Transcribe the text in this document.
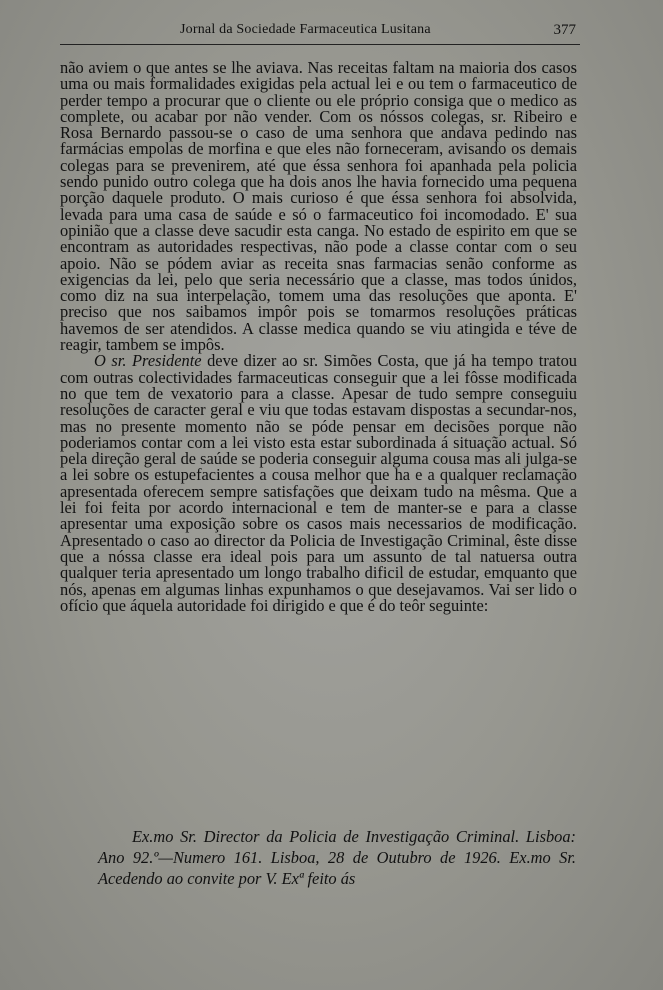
Jornal da Sociedade Farmaceutica Lusitana	377

não aviem o que antes se lhe aviava. Nas receitas faltam na maioria dos casos uma ou mais formalidades exigidas pela actual lei e ou tem o farmaceutico de perder tempo a procurar que o cliente ou ele próprio consiga que o medico as complete, ou acabar por não vender. Com os nóssos colegas, sr. Ribeiro e Rosa Bernardo passou-se o caso de uma senhora que andava pedindo nas farmácias empolas de morfina e que eles não forneceram, avisando os demais colegas para se prevenirem, até que éssa senhora foi apanhada pela policia sendo punido outro colega que ha dois anos lhe havia fornecido uma pequena porção daquele produto. O mais curioso é que éssa senhora foi absolvida, levada para uma casa de saúde e só o farmaceutico foi incomodado. E' sua opinião que a classe deve sacudir esta canga. No estado de espirito em que se encontram as autoridades respectivas, não pode a classe contar com o seu apoio. Não se pódem aviar as receita snas farmacias senão conforme as exigencias da lei, pelo que seria necessário que a classe, mas todos únidos, como diz na sua interpelação, tomem uma das resoluções que aponta. E' preciso que nos saibamos impôr pois se tomarmos resoluções práticas havemos de ser atendidos. A classe medica quando se viu atingida e téve de reagir, tambem se impôs.

O sr. Presidente deve dizer ao sr. Simões Costa, que já ha tempo tratou com outras colectividades farmaceuticas conseguir que a lei fôsse modificada no que tem de vexatorio para a classe. Apesar de tudo sempre conseguiu resoluções de caracter geral e viu que todas estavam dispostas a secundar-nos, mas no presente momento não se póde pensar em decisões porque não poderiamos contar com a lei visto esta estar subordinada á situação actual. Só pela direção geral de saúde se poderia conseguir alguma cousa mas ali julga-se a lei sobre os estupefacientes a cousa melhor que ha e a qualquer reclamação apresentada oferecem sempre satisfações que deixam tudo na mêsma. Que a lei foi feita por acordo internacional e tem de manter-se e para a classe apresentar uma exposição sobre os casos mais necessarios de modificação. Apresentado o caso ao director da Policia de Investigação Criminal, êste disse que a nóssa classe era ideal pois para um assunto de tal natuersa outra qualquer teria apresentado um longo trabalho dificil de estudar, emquanto que nós, apenas em algumas linhas expunhamos o que desejavamos. Vai ser lido o ofício que áquela autoridade foi dirigido e que é do teôr seguinte:

Ex.mo Sr. Director da Policia de Investigação Criminal. Lisboa: Ano 92.º—Numero 161. Lisboa, 28 de Outubro de 1926. Ex.mo Sr. Acedendo ao convite por V. Exª feito ás
